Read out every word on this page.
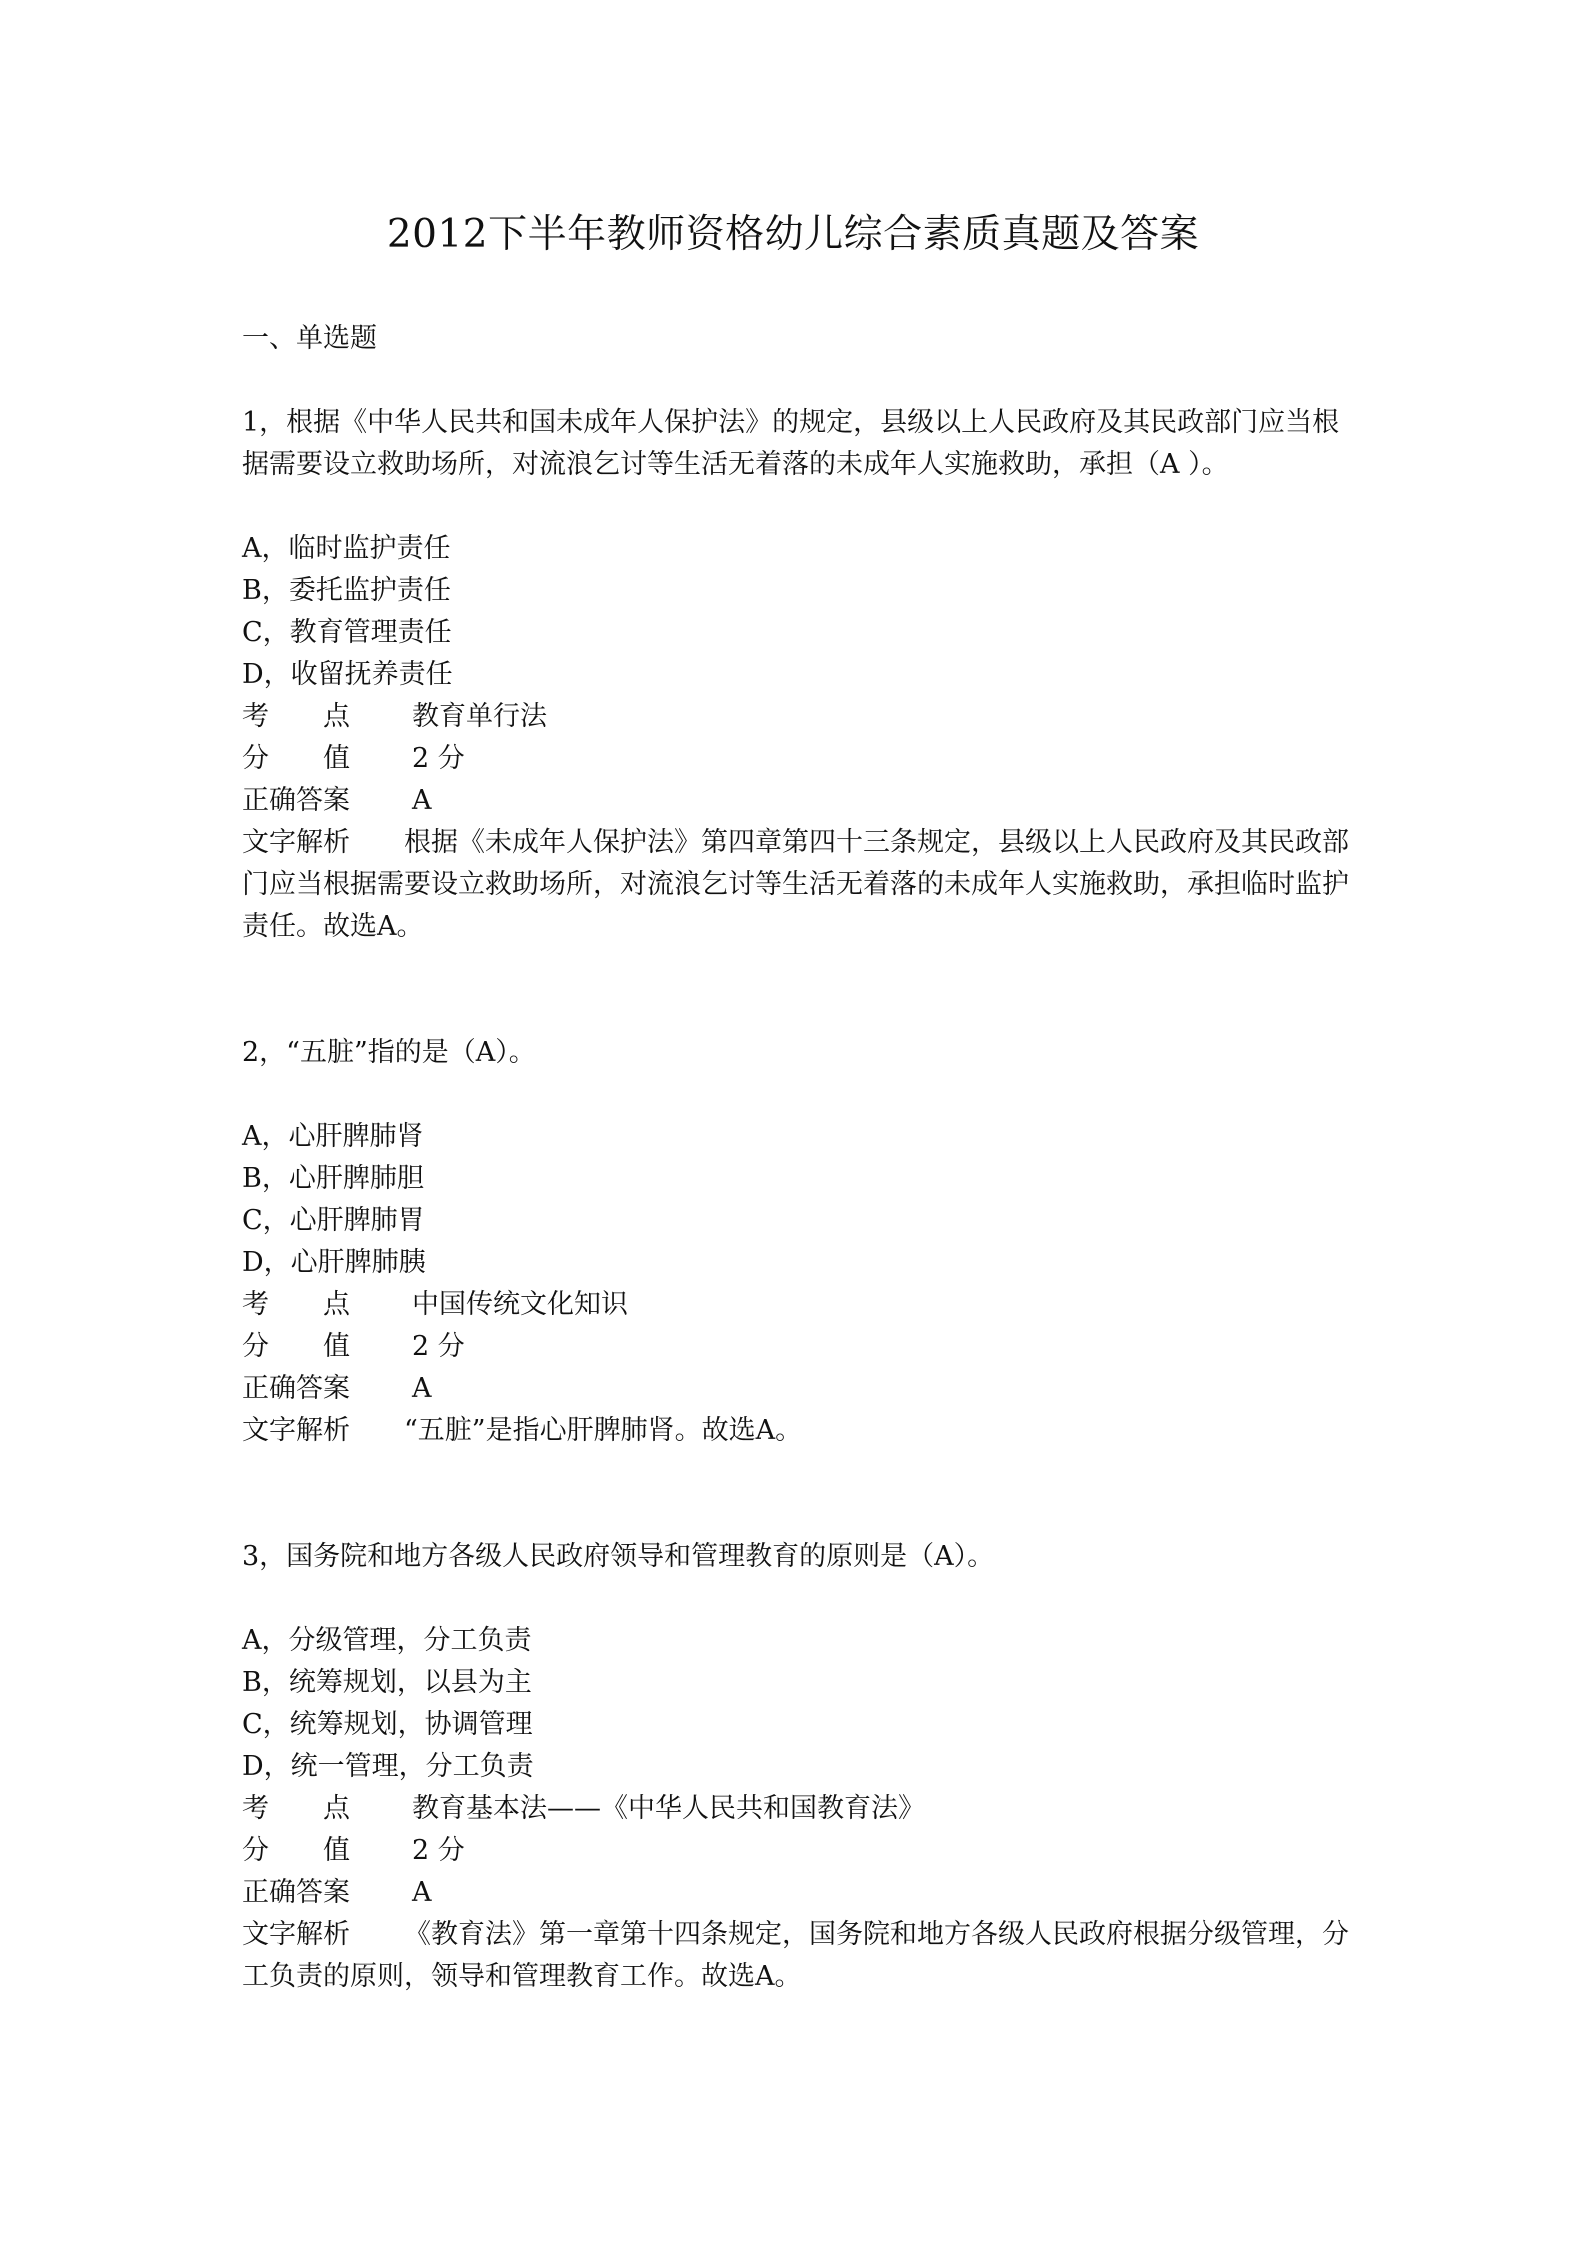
2012下半年教师资格幼儿综合素质真题及答案
一、单选题

1，根据《中华人民共和国未成年人保护法》的规定，县级以上人民政府及其民政部门应当根据需要设立救助场所，对流浪乞讨等生活无着落的未成年人实施救助，承担（A ）。

A，临时监护责任
B，委托监护责任
C，教育管理责任
D，收留抚养责任
考　　点	教育单行法
分　　值	2 分
正确答案	A
文字解析 根据《未成年人保护法》第四章第四十三条规定，县级以上人民政府及其民政部门应当根据需要设立救助场所，对流浪乞讨等生活无着落的未成年人实施救助，承担临时监护责任。故选A。

2，“五脏”指的是（A）。

A，心肝脾肺肾
B，心肝脾肺胆
C，心肝脾肺胃
D，心肝脾肺胰
考　　点	中国传统文化知识
分　　值	2 分
正确答案	A
文字解析 “五脏”是指心肝脾肺肾。故选A。

3，国务院和地方各级人民政府领导和管理教育的原则是（A）。

A，分级管理，分工负责
B，统筹规划，以县为主
C，统筹规划，协调管理
D，统一管理，分工负责
考　　点	教育基本法——《中华人民共和国教育法》
分　　值	2 分
正确答案	A
文字解析 《教育法》第一章第十四条规定，国务院和地方各级人民政府根据分级管理，分工负责的原则，领导和管理教育工作。故选A。
